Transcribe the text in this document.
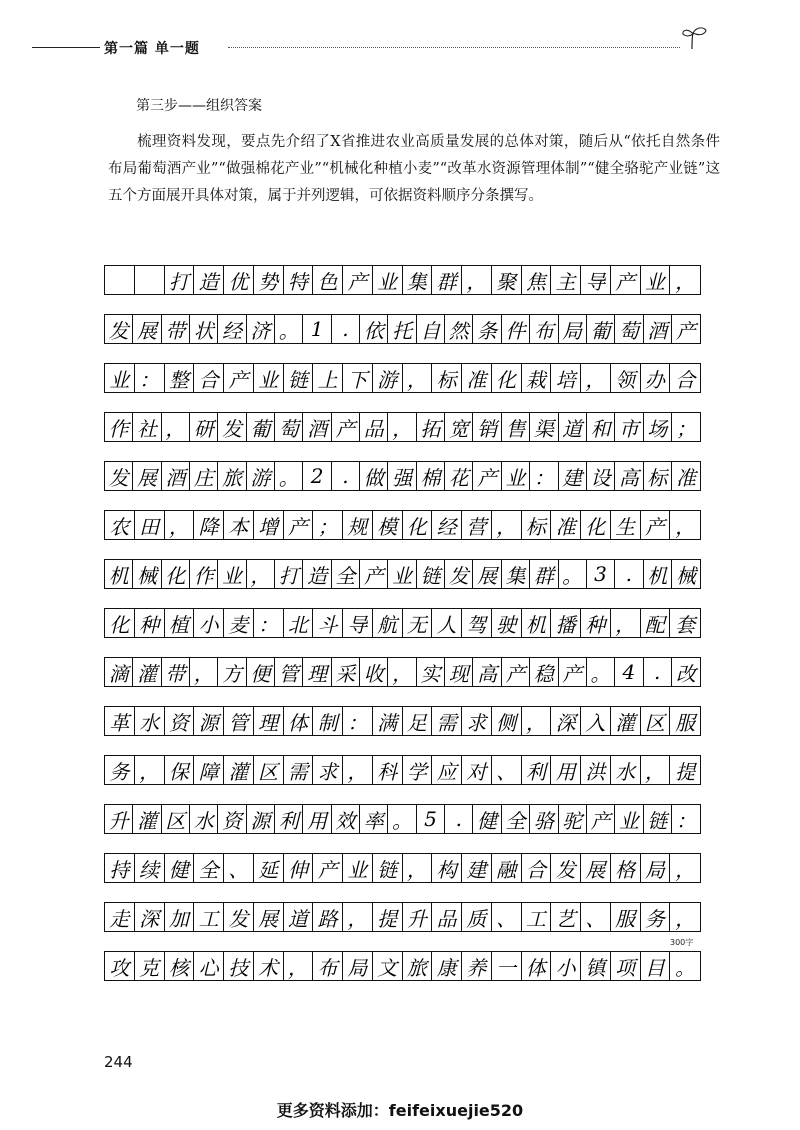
第一篇 单一题
第三步——组织答案
梳理资料发现，要点先介绍了X省推进农业高质量发展的总体对策，随后从“依托自然条件布局葡萄酒产业”“做强棉花产业”“机械化种植小麦”“改革水资源管理体制”“健全骆驼产业链”这五个方面展开具体对策，属于并列逻辑，可依据资料顺序分条撰写。
打 造 优 势 特 色 产 业 集 群 ， 聚 焦 主 导 产 业 ，
发 展 带 状 经 济 。 1 . 依 托 自 然 条 件 布 局 葡 萄 酒 产
业 ： 整 合 产 业 链 上 下 游 ， 标 准 化 栽 培 ， 领 办 合
作 社 ， 研 发 葡 萄 酒 产 品 ， 拓 宽 销 售 渠 道 和 市 场 ；
发 展 酒 庄 旅 游 。 2 . 做 强 棉 花 产 业 ： 建 设 高 标 准
农 田 ， 降 本 增 产 ； 规 模 化 经 营 ， 标 准 化 生 产 ，
机 械 化 作 业 ， 打 造 全 产 业 链 发 展 集 群 。 3 . 机 械
化 种 植 小 麦 ： 北 斗 导 航 无 人 驾 驶 机 播 种 ， 配 套
滴 灌 带 ， 方 便 管 理 采 收 ， 实 现 高 产 稳 产 。 4 . 改
革 水 资 源 管 理 体 制 ： 满 足 需 求 侧 ， 深 入 灌 区 服
务 ， 保 障 灌 区 需 求 ， 科 学 应 对 、 利 用 洪 水 ， 提
升 灌 区 水 资 源 利 用 效 率 。 5 . 健 全 骆 驼 产 业 链 ：
持 续 健 全 、 延 伸 产 业 链 ， 构 建 融 合 发 展 格 局 ，
走 深 加 工 发 展 道 路 ， 提 升 品 质 、 工 艺 、 服 务 ，
攻 克 核 心 技 术 ， 布 局 文 旅 康 养 一 体 小 镇 项 目 。
300字
244
更多资料添加：feifeixuejie520
